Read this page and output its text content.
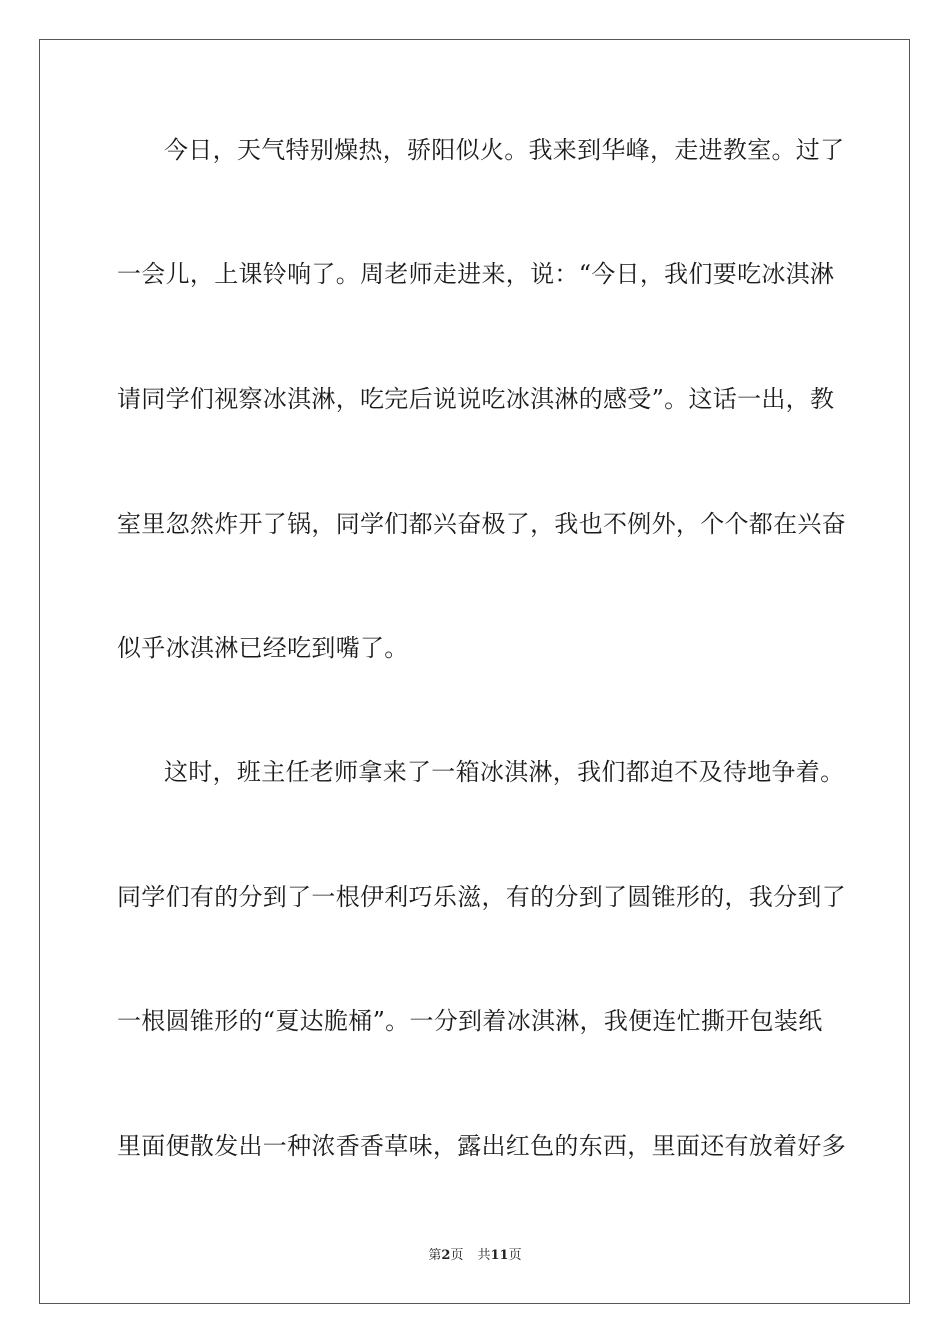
今日，天气特别燥热，骄阳似火。我来到华峰，走进教室。过了
一会儿，上课铃响了。周老师走进来，说：“今日，我们要吃冰淇淋
请同学们视察冰淇淋，吃完后说说吃冰淇淋的感受”。这话一出，教
室里忽然炸开了锅，同学们都兴奋极了，我也不例外，个个都在兴奋
似乎冰淇淋已经吃到嘴了。
这时，班主任老师拿来了一箱冰淇淋，我们都迫不及待地争着。
同学们有的分到了一根伊利巧乐滋，有的分到了圆锥形的，我分到了
一根圆锥形的“夏达脆桶”。一分到着冰淇淋，我便连忙撕开包装纸
里面便散发出一种浓香香草味，露出红色的东西，里面还有放着好多
第2页 共11页
